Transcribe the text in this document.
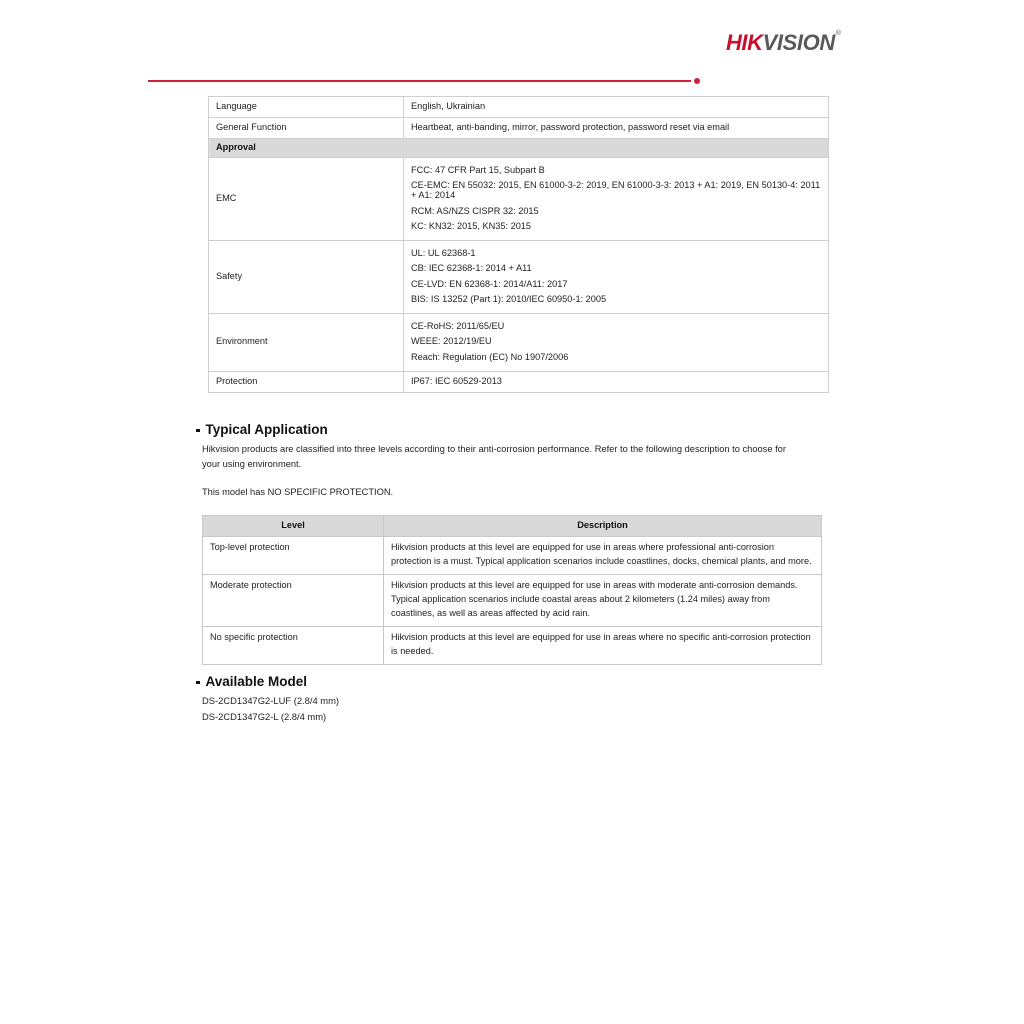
HIKVISION ®
Language	English, Ukrainian
General Function	Heartbeat, anti-banding, mirror, password protection, password reset via email
Approval	
EMC	FCC: 47 CFR Part 15, Subpart B
CE-EMC: EN 55032: 2015, EN 61000-3-2: 2019, EN 61000-3-3: 2013 + A1: 2019, EN 50130-4: 2011 + A1: 2014
RCM: AS/NZS CISPR 32: 2015
KC: KN32: 2015, KN35: 2015

Safety	UL: UL 62368-1
CB: IEC 62368-1: 2014 + A11
CE-LVD: EN 62368-1: 2014/A11: 2017
BIS: IS 13252 (Part 1): 2010/IEC 60950-1: 2005

Environment	CE-RoHS: 2011/65/EU
WEEE: 2012/19/EU
Reach: Regulation (EC) No 1907/2006

Protection	IP67: IEC 60529-2013
Typical Application
Hikvision products are classified into three levels according to their anti-corrosion performance. Refer to the following description to choose for your using environment.
This model has NO SPECIFIC PROTECTION.
Level	Description
Top-level protection	Hikvision products at this level are equipped for use in areas where professional anti-corrosion protection is a must. Typical application scenarios include coastlines, docks, chemical plants, and more.
Moderate protection	Hikvision products at this level are equipped for use in areas with moderate anti-corrosion demands. Typical application scenarios include coastal areas about 2 kilometers (1.24 miles) away from coastlines, as well as areas affected by acid rain.
No specific protection	Hikvision products at this level are equipped for use in areas where no specific anti-corrosion protection is needed.
Available Model
DS-2CD1347G2-LUF (2.8/4 mm)
DS-2CD1347G2-L (2.8/4 mm)
